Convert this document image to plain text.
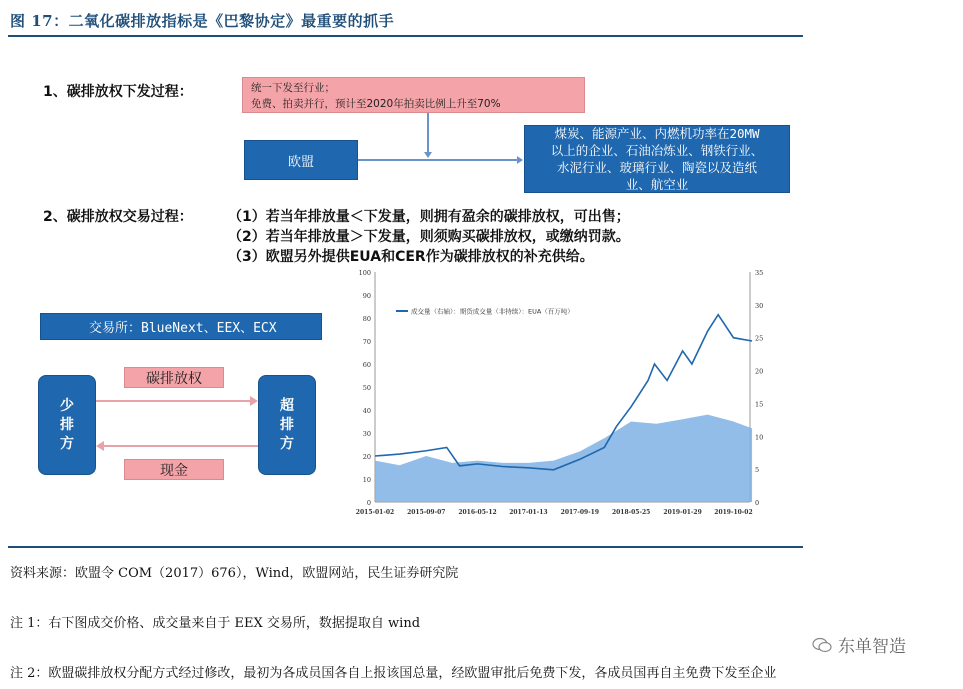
图 17：二氧化碳排放指标是《巴黎协定》最重要的抓手
1、碳排放权下发过程：	统一下发至行业；
免费、拍卖并行，预计至2020年拍卖比例上升至70%
欧盟
煤炭、能源产业、内燃机功率在20MW
以上的企业、石油冶炼业、钢铁行业、
水泥行业、玻璃行业、陶瓷以及造纸
业、航空业
2、碳排放权交易过程：	（1）若当年排放量＜下发量，则拥有盈余的碳排放权，可出售；
（2）若当年排放量＞下发量，则须购买碳排放权，或缴纳罚款。
（3）欧盟另外提供EUA和CER作为碳排放权的补充供给。
交易所：BlueNext、EEX、ECX
少
排
方
超
排
方
碳排放权
现金
0
10
20
30
40
50
60
70
80
90
100
0
5
10
15
20
25
30
35
2015-01-02 2015-09-07 2016-05-12 2017-01-13 2017-09-19 2018-05-25 2019-01-29 2019-10-02
成交量（右轴）：期货成交量（非持续）：EUA（百万吨）
资料来源：欧盟令 COM（2017）676），Wind，欧盟网站，民生证券研究院
注 1：右下图成交价格、成交量来自于 EEX 交易所，数据提取自 wind
注 2：欧盟碳排放权分配方式经过修改，最初为各成员国各自上报该国总量，经欧盟审批后免费下发，各成员国再自主免费下发至企业
东单智造
